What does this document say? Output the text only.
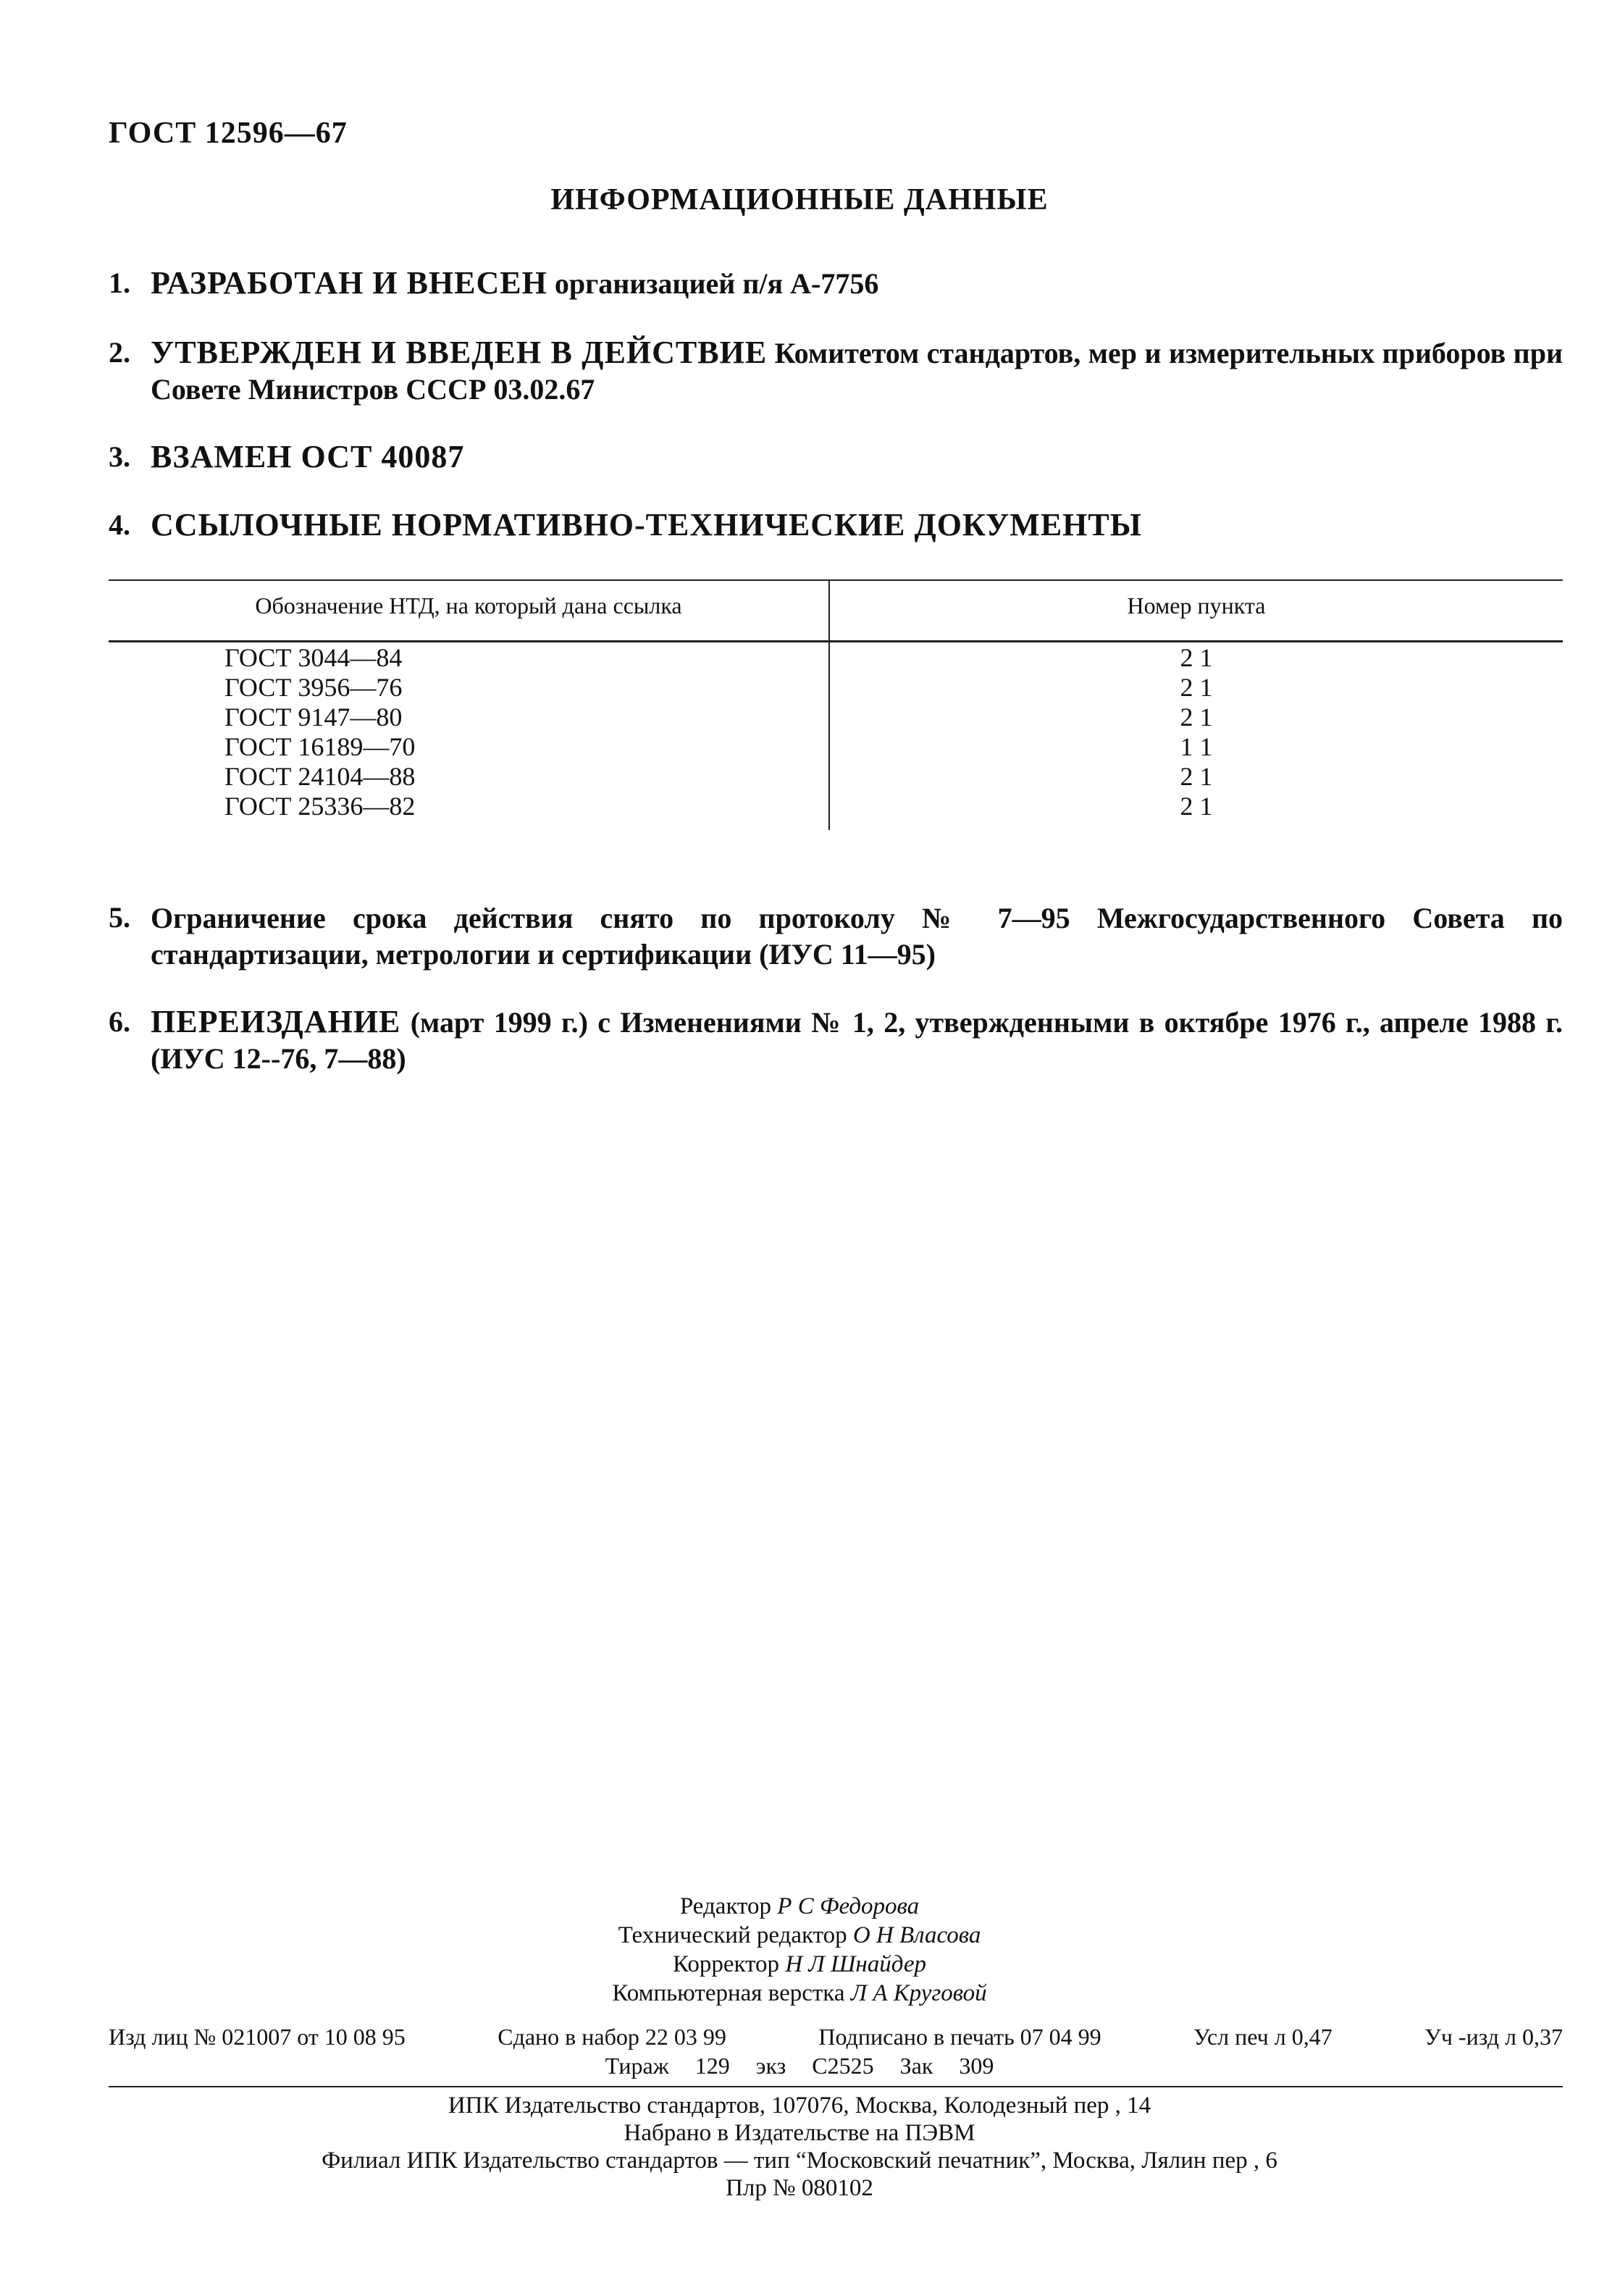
ГОСТ 12596—67
ИНФОРМАЦИОННЫЕ ДАННЫЕ
1. РАЗРАБОТАН И ВНЕСЕН организацией п/я А-7756
2. УТВЕРЖДЕН И ВВЕДЕН В ДЕЙСТВИЕ Комитетом стандартов, мер и измерительных приборов при Совете Министров СССР 03.02.67
3. ВЗАМЕН ОСТ 40087
4. ССЫЛОЧНЫЕ НОРМАТИВНО-ТЕХНИЧЕСКИЕ ДОКУМЕНТЫ
Обозначение НТД, на который дана ссылка	Номер пункта
ГОСТ 3044—84	2 1
ГОСТ 3956—76	2 1
ГОСТ 9147—80	2 1
ГОСТ 16189—70	1 1
ГОСТ 24104—88	2 1
ГОСТ 25336—82	2 1
5. Ограничение срока действия снято по протоколу № 7—95 Межгосударственного Совета по стандартизации, метрологии и сертификации (ИУС 11—95)
6. ПЕРЕИЗДАНИЕ (март 1999 г.) с Изменениями № 1, 2, утвержденными в октябре 1976 г., апреле 1988 г. (ИУС 12--76, 7—88)
Редактор Р С Федорова
Технический редактор О Н Власова
Корректор Н Л Шнайдер
Компьютерная верстка Л А Круговой
Изд лиц № 021007 от 10 08 95	Сдано в набор 22 03 99	Подписано в печать 07 04 99	Усл печ л 0,47	Уч -изд л 0,37
Тираж 129 экз С2525 Зак 309
ИПК Издательство стандартов, 107076, Москва, Колодезный пер , 14
Набрано в Издательстве на ПЭВМ
Филиал ИПК Издательство стандартов — тип “Московский печатник”, Москва, Лялин пер , 6
Плр № 080102
